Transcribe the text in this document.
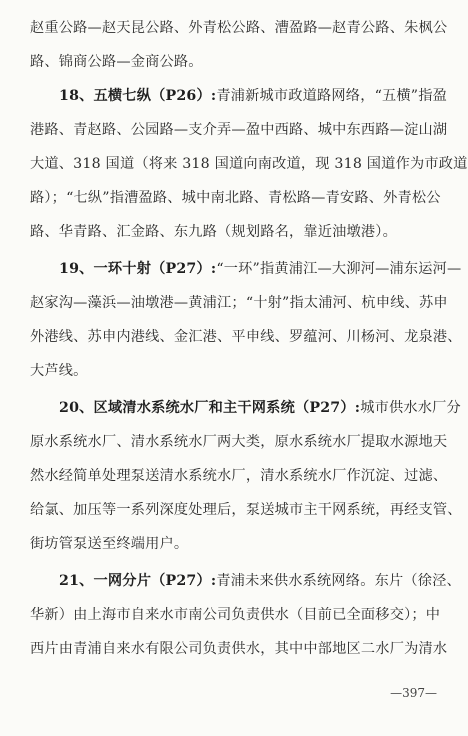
赵重公路—赵天昆公路、外青松公路、漕盈路—赵青公路、朱枫公
路、锦商公路—金商公路。
18、五横七纵（P26）:青浦新城市政道路网络，“五横”指盈
港路、青赵路、公园路—支介弄—盈中西路、城中东西路—淀山湖
大道、318 国道（将来 318 国道向南改道，现 318 国道作为市政道
路）；“七纵”指漕盈路、城中南北路、青松路—青安路、外青松公
路、华青路、汇金路、东九路（规划路名，靠近油墩港）。
19、一环十射（P27）:“一环”指黄浦江—大泖河—浦东运河—
赵家沟—藻浜—油墩港—黄浦江；“十射”指太浦河、杭申线、苏申
外港线、苏申内港线、金汇港、平申线、罗蕴河、川杨河、龙泉港、
大芦线。
20、区域清水系统水厂和主干网系统（P27）:城市供水水厂分
原水系统水厂、清水系统水厂两大类，原水系统水厂提取水源地天
然水经简单处理泵送清水系统水厂，清水系统水厂作沉淀、过滤、
给氯、加压等一系列深度处理后，泵送城市主干网系统，再经支管、
街坊管泵送至终端用户。
21、一网分片（P27）:青浦未来供水系统网络。东片（徐泾、
华新）由上海市自来水市南公司负责供水（目前已全面移交）；中
西片由青浦自来水有限公司负责供水，其中中部地区二水厂为清水
—397—
